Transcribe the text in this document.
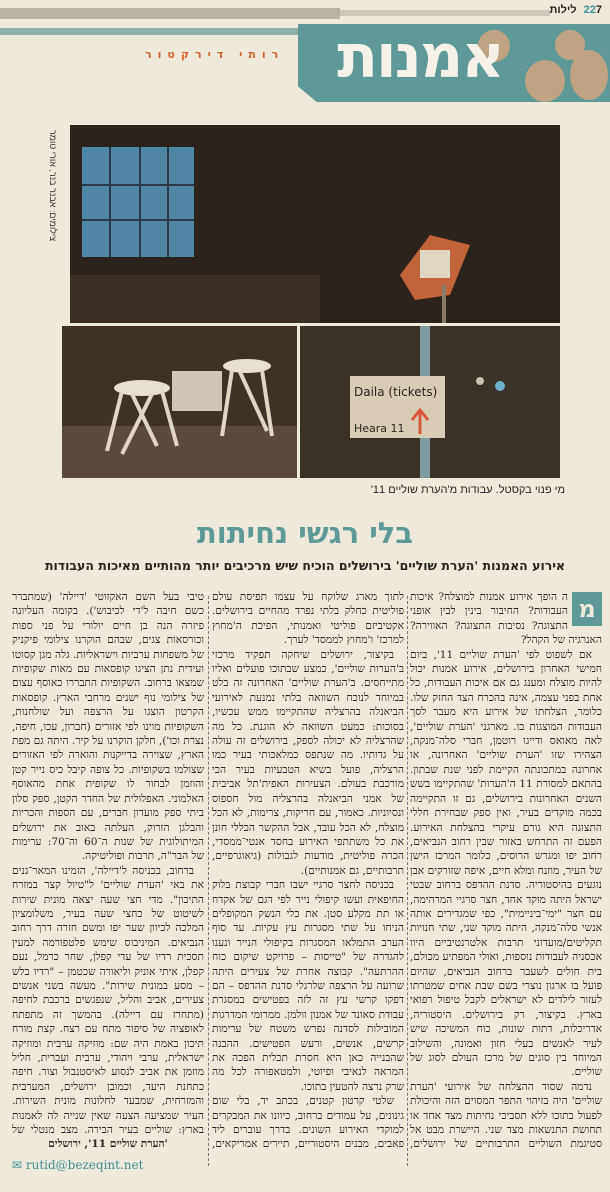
227 לילות
אמנות
רותי דירקטור
Daila (tickets)
Heara 11
צילומים: אבנר בנר, אורי טומר
מי פנוי בקסטל. עבודות מ'הערת שוליים 11'
בלי רגשי נחיתות
אירוע האמנות 'הערת שוליים' בירושלים הוכיח שיש מרכיבים יותר מהותיים מאיכות העבודות
מ

ה הופך אירוע אמנות למוצלח? איכות העבודות? החיבור בינין לבין אופני התצוגה? נסיבות התצוגה? האווירה? האנרגיה של הקהל?

אם לשפוט לפי 'הערת שוליים 11', ביום חמישי האחרון בירושלים, אירוע אמנות יכול להיות מוצלח ומענג גם אם איכות העבודות, כל אחת בפני עצמה, אינה בהכרח הצד החזק שלו. כלומר, הצלחתו של אירוע היא מעבר לסך העבודות המוצגות בו. מארגני 'הערת שוליים', לאה מאואס ודייגו רוטמן, חברי סלה־מנקה, הצהירו שזו 'הערת שוליים' האחרונה, או אחרונה במתכונתה הקיימת לפני שנת שבתון. בהתאם למסורת 11 ה'הערות' שהתקיימו בשש השנים האחרונות בירושלים, גם זו התקיימה בכמה מוקדים בעיר, ואין ספק שבחירת חללי התצוגה היא גורם עיקרי בהצלחת האירוע. הפעם זה התרחש באזור שבין רחוב הנביאים, רחוב יפו ומגרש הרוסים, כלומר המרכז הישן של העיר, מוזנח ומלא חיים, איפה שזורקים אבן נוגעים בהיסטוריה. סדנת ההדפס ברחוב שבטי ישראל היתה מוקד אחד, חצר סרגיי המרהימה, עם חצר "ימי־ביניימית", כפי שמגדירים אותה אנשי סלה־מנקה, היתה מוקד שני, שתי חנויות תקליטים/מועדוני תרבות אלטרנטיביים היוו אכסניה לעבודות נוספות, ואולי המפתיע מכולם, בית חולים לשעבר ברחוב הנביאים, שהיום פועל בו ארגון נוצרי בשם שבת אחים שמטרתו לעזור לילדים לא ישראלים לקבל טיפול רפואי בארץ. בקיצור, רק בירושלים. היסטוריה, אדריכלות, דתות שונות, כוח המשיכה שיש לעיר לאנשים בעלי חזון ואמונה, והשילוב המיוחד בין סוגים של מרכז העולם לסוג של שוליים.

נדמה שסוד ההצלחה של אירועי 'הערת שוליים' היה בזיהוי התפר המסוים הזה והיכולת לפעול בתוכו ללא תסביכי נחיתות מצד אחד או תחושת התנשאות מצד שני. היישרת מבט אל סטיגמת השוליים התרבותיים של ירושלים,

לתוך מארג שלוקח על עצמו תפיסת עולם פוליטית כחלק בלתי נפרד מהחיים בירושלים. אקטיביזם פוליטי ואמנותי, הפיכת ה'מחוץ למרכז' ו'מחוץ לממסד' לערך.

בקיצור, ירושלים שיחקה תפקיד מרכזי ב'הערות שוליים', כמצע שבתוכו פועלים ואליו מתייחסים. ב'הערת שוליים' האחרונה זה בלט במיוחד לנוכח השוואה בלתי נמנעת לאירועי הביאנלה בהרצליה שהתקיימו ממש עכשיו, בסוכות: כמעט השוואה לא הוגנת. כל מה שהרצליה לא יכולה לספק, בירושלים זה עולה על גדותיו. מה שנתפס כמלאכותי בעיר כמו הרצליה, פועל בשיא הטבעיות בעיר הכי מורכבת בעולם. הצעירות האפית'תל אביבית של אמני הביאנלה בהרצליה מול חספוס ונסיוניות. כאמור, עם חריקות, צרימות, לא הכל מוצלח, לא הכל עובד, אבל ההקשר הכללי חונן את כל משתתפי האירוע בחסד אנטי־ממסדי, הכרה פוליטית, מודעות לגבולות (גיאוגרפיים, תרבותיים, גם אמנותיים).

בכניסה לחצר סרגיי ישבו חברי קבוצת בלוק החיפאית ועשו קיפולי נייר לפי דגם של אקדח או תת מקלע סטן. את כלי הנשק המקופלים הניחו על שתי מסגרות עץ עקיות. עד סוף הערב התמלאו המסגרות בקיפולי הנייר ונענו להגדרה של "טייסות – פרויקט שיקום כוח ההרתעה". קבוצה אחרת של צעירים היתה שרועה על הרצפה שלרגלי סדנת ההדפס – הם דפקו קרשי עץ זה לזה בפטישים במסגרת עבודת סאונד של אמנון וולמן. ממרומי המדרגות המובילות לסדנה נפרש משטח של ערימות קרשים, אנשים, ורעש הפטישים. ההבנה שהבנייה כאן היא חסרת תכלית הפכה את המראה לנאיבי ופיוטי, ולמטאפורה לכל מה שרק נרצה להטעין בתוכו.

שלטי קרטון קטנים, בכתב יד, בלי שום גינונים, על עמודים ברחוב, כיוונו את המבקרים למוקדי האירוע השונים. בדרך עוברים ליד פאבים, מבנים היסטוריים, תיירים אמריקאים,

טיבי בעל השם האקזוטי 'דיילה' (שמתברר כשם חיבה ל'די לכיבוש'). בקומה העליונה פיזרה הנה בן חיים יולורי על פני ספות וכורסאות צגים, שבהם הוקרנו צילומי פיקניק של משפחות ערביות וישראליות. גלה מגן קסוטו ועידית נתן הציגו קופסאות עם מאות שקופיות שמצאו ברחוב. השקופיות התבררו כאוסף עצום של צילומי נוף ישנים מרחבי הארץ. קופסאות הקרטון הוצגו על הרצפה ועל שולחנות, השקופיות מוינו לפי אזורים (חברון, עכו, חיפה, נצרת וכו'), חלקן הוקרנו על קיר. היתה גם מפת הארץ, שצוירה בדייקנות והוארה לפי האזורים שצולמו בשקופיות. כל צופה קיבל כיס נייר קטן והוזמן לבחור לו שקופית אחת מהאוסף האלמוני. האפלולית של החדר הקטן, ספק סלון ביתי ספק מועדון חברים, עם הספות והכריות והבלגן הזרוק, העלתה באוב את ירושלים המיתולוגית של שנות ה־60 וה־70: ערימות של הבר"ה, תרבות ופוליטיקה.

ברחוב, בכניסה ל'דיילה', הזמינו המאר־גנים את באי 'הערת שוליים' ל"טיול קצר במזרח התיכון". מדי חצי שעה יצאה מונית שירות לשיטוט של כחצי שעה בעיר, משלומציון המלכה לכיוון שער יפו ומשם חזרה דרך רחוב הנביאים. המיניבוס שימש פלטפורמה למעין תסכית רדיו של עדי קפלן, שחר כרמל, נעם קפלן, איתי אוניק וליאורה שכטמן – "רדיו בלש – מסע במונית שירות". מעשה בשני אנשים צעירים, אביב והליל, שנפגשים ברכבת לחיפה (מתחרז עם דיילה). בהמשך זה מתפתח לאופציה של סיפור מתח עם רצח. קצת מורח תיכון באמת היה שם: מוזיקה ערבית ומוזיקה ישראלית, ערבי ויהודי, ערבית ועברית, חליל מוזמן את אביב לנסוע לאיסטנבול וצור. חיפה כתחנת היעד, וכמובן ירושלים, המערבית והמזרחית, שמבעד לחלונות מונית השירות. העיר שמציעה הצעה שאין שנייה לה לאמנות בארץ: שוליים בעיר הבירה. מצב מנטלי של

'הערת שוליים 11', ירושלים
✉ rutid@bezeqint.net
